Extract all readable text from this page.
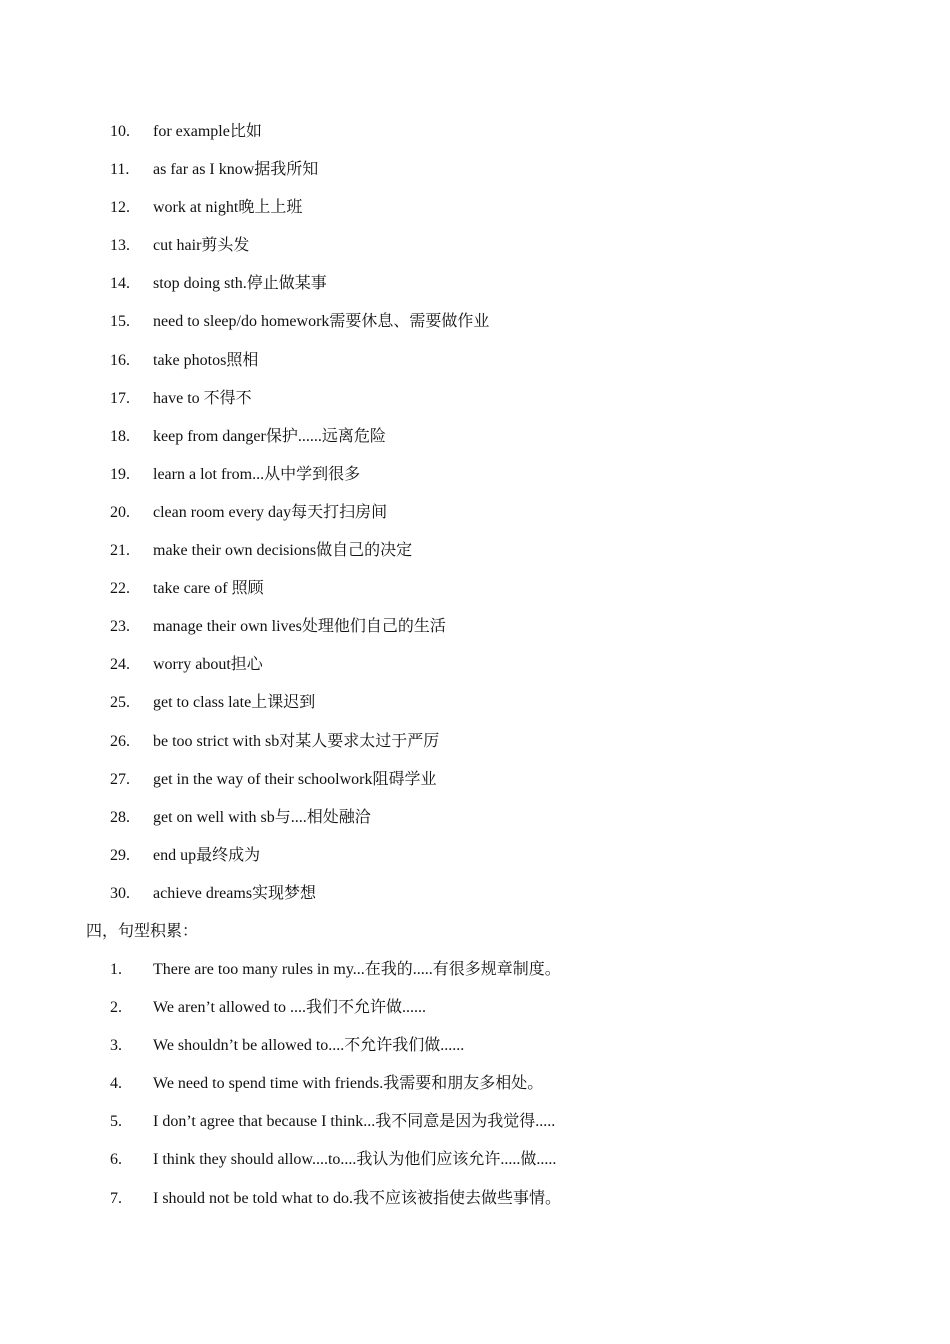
10.	for example比如
11.	as far as I know据我所知
12.	work at night晚上上班
13.	cut hair剪头发
14.	stop doing sth.停止做某事
15.	need to sleep/do homework需要休息、需要做作业
16.	take photos照相
17.	have to 不得不
18.	keep from danger保护......远离危险
19.	learn a lot from...从中学到很多
20.	clean room every day每天打扫房间
21.	make their own decisions做自己的决定
22.	take care of 照顾
23.	manage their own lives处理他们自己的生活
24.	worry about担心
25.	get to class late上课迟到
26.	be too strict with sb对某人要求太过于严厉
27.	get in the way of their schoolwork阻碍学业
28.	get on well with sb与....相处融洽
29.	end up最终成为
30.	achieve dreams实现梦想
四，句型积累：
1.	There are too many rules in my...在我的.....有很多规章制度。
2.	We aren’t allowed to ....我们不允许做......
3.	We shouldn’t be allowed to....不允许我们做......
4.	We need to spend time with friends.我需要和朋友多相处。
5.	I don’t agree that because I think...我不同意是因为我觉得.....
6.	I think they should allow....to....我认为他们应该允许.....做.....
7.	I should not be told what to do.我不应该被指使去做些事情。
